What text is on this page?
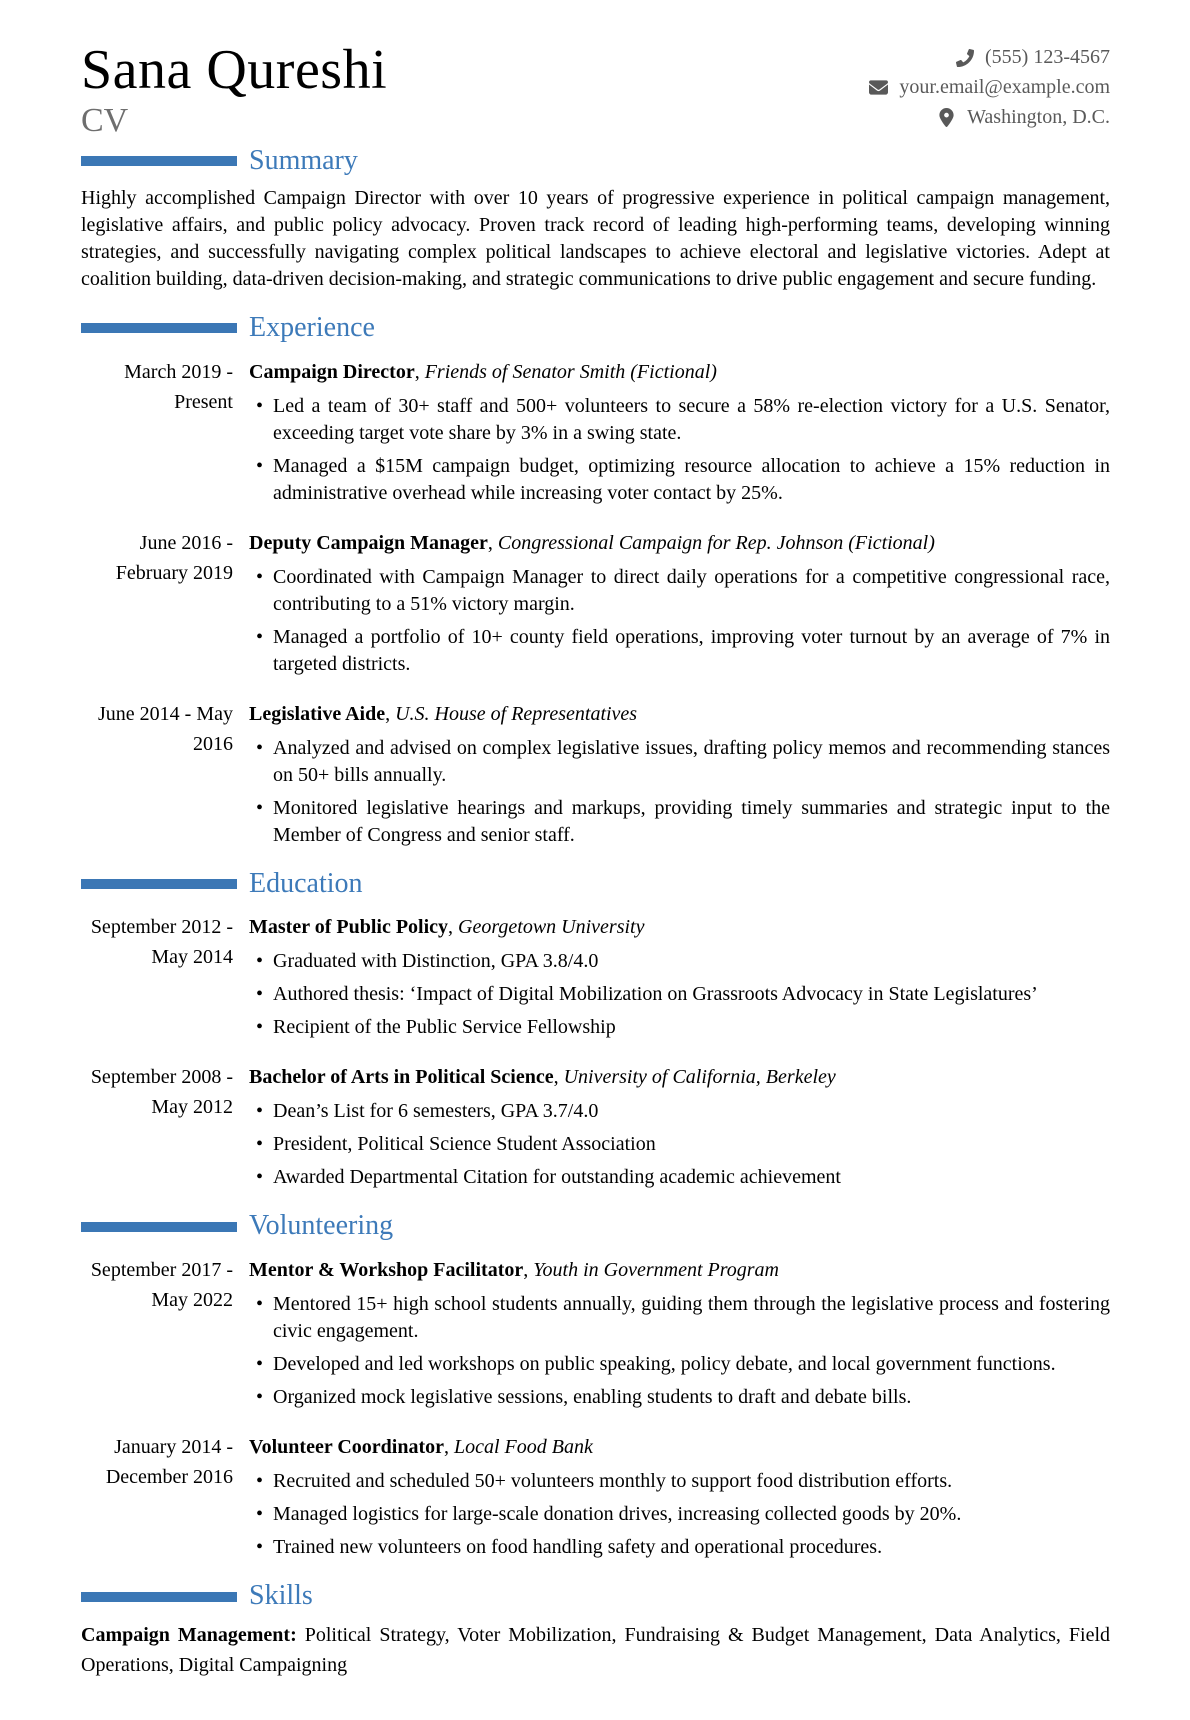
Sana Qureshi
CV
(555) 123-4567
your.email@example.com
Washington, D.C.
Summary

Highly accomplished Campaign Director with over 10 years of progressive experience in political campaign management, legislative affairs, and public policy advocacy. Proven track record of leading high-performing teams, developing winning strategies, and successfully navigating complex political landscapes to achieve electoral and legislative victories. Adept at coalition building, data-driven decision-making, and strategic communications to drive public engagement and secure funding.

Experience
March 2019 - Present
Campaign Director, Friends of Senator Smith (Fictional)
• Led a team of 30+ staff and 500+ volunteers to secure a 58% re-election victory for a U.S. Senator, exceeding target vote share by 3% in a swing state.
• Managed a $15M campaign budget, optimizing resource allocation to achieve a 15% reduction in administrative overhead while increasing voter contact by 25%.
June 2016 - February 2019
Deputy Campaign Manager, Congressional Campaign for Rep. Johnson (Fictional)
• Coordinated with Campaign Manager to direct daily operations for a competitive congressional race, contributing to a 51% victory margin.
• Managed a portfolio of 10+ county field operations, improving voter turnout by an average of 7% in targeted districts.
June 2014 - May 2016
Legislative Aide, U.S. House of Representatives
• Analyzed and advised on complex legislative issues, drafting policy memos and recommending stances on 50+ bills annually.
• Monitored legislative hearings and markups, providing timely summaries and strategic input to the Member of Congress and senior staff.
Education
September 2012 - May 2014
Master of Public Policy, Georgetown University
• Graduated with Distinction, GPA 3.8/4.0
• Authored thesis: ‘Impact of Digital Mobilization on Grassroots Advocacy in State Legislatures’
• Recipient of the Public Service Fellowship
September 2008 - May 2012
Bachelor of Arts in Political Science, University of California, Berkeley
• Dean’s List for 6 semesters, GPA 3.7/4.0
• President, Political Science Student Association
• Awarded Departmental Citation for outstanding academic achievement
Volunteering
September 2017 - May 2022
Mentor & Workshop Facilitator, Youth in Government Program
• Mentored 15+ high school students annually, guiding them through the legislative process and fostering civic engagement.
• Developed and led workshops on public speaking, policy debate, and local government functions.
• Organized mock legislative sessions, enabling students to draft and debate bills.
January 2014 - December 2016
Volunteer Coordinator, Local Food Bank
• Recruited and scheduled 50+ volunteers monthly to support food distribution efforts.
• Managed logistics for large-scale donation drives, increasing collected goods by 20%.
• Trained new volunteers on food handling safety and operational procedures.
Skills

Campaign Management: Political Strategy, Voter Mobilization, Fundraising & Budget Management, Data Analytics, Field Operations, Digital Campaigning
